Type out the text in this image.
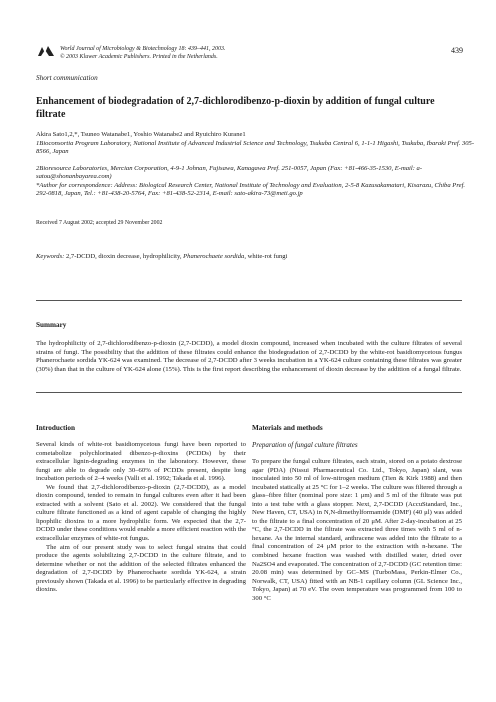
World Journal of Microbiology & Biotechnology 18: 439–441, 2003.
© 2003 Kluwer Academic Publishers. Printed in the Netherlands.
439
Short communication
Enhancement of biodegradation of 2,7-dichlorodibenzo-p-dioxin by addition of fungal culture filtrate
Akira Sato1,2,*, Tsuneo Watanabe1, Yoshio Watanabe2 and Ryuichiro Kurane1
1Bioconsortia Program Laboratory, National Institute of Advanced Industrial Science and Technology, Tsukuba Central 6, 1-1-1 Higashi, Tsukuba, Ibaraki Pref. 305-8566, Japan
2Bioresource Laboratories, Mercian Corporation, 4-9-1 Johnan, Fujisawa, Kanagawa Pref. 251-0057, Japan (Fax: +81-466-35-1530, E-mail: a-satou@shonanbayarea.com)
*Author for correspondence: Address: Biological Research Center, National Institute of Technology and Evaluation, 2-5-8 Kazusakamatari, Kisarazu, Chiba Pref. 292-0818, Japan, Tel.: +81-438-20-5764, Fax: +81-438-52-2314, E-mail: sato-akira-73@meti.go.jp
Received 7 August 2002; accepted 29 November 2002
Keywords: 2,7-DCDD, dioxin decrease, hydrophilicity, Phanerochaete sordida, white-rot fungi
Summary
The hydrophilicity of 2,7-dichlorodibenzo-p-dioxin (2,7-DCDD), a model dioxin compound, increased when incubated with the culture filtrates of several strains of fungi. The possibility that the addition of these filtrates could enhance the biodegradation of 2,7-DCDD by the white-rot basidiomycetous fungus Phanerochaete sordida YK-624 was examined. The decrease of 2,7-DCDD after 3 weeks incubation in a YK-624 culture containing these filtrates was greater (30%) than that in the culture of YK-624 alone (15%). This is the first report describing the enhancement of dioxin decrease by the addition of a fungal filtrate.
Introduction

Several kinds of white-rot basidiomycetous fungi have been reported to cometabolize polychlorinated dibenzo-p-dioxins (PCDDs) by their extracellular lignin-degrading enzymes in the laboratory. However, these fungi are able to degrade only 30–60% of PCDDs present, despite long incubation periods of 2–4 weeks (Valli et al. 1992; Takada et al. 1996).

We found that 2,7-dichlorodibenzo-p-dioxin (2,7-DCDD), as a model dioxin compound, tended to remain in fungal cultures even after it had been extracted with a solvent (Sato et al. 2002). We considered that the fungal culture filtrate functioned as a kind of agent capable of changing the highly lipophilic dioxins to a more hydrophilic form. We expected that the 2,7-DCDD under these conditions would enable a more efficient reaction with the extracellular enzymes of white-rot fungus.

The aim of our present study was to select fungal strains that could produce the agents solubilizing 2,7-DCDD in the culture filtrate, and to determine whether or not the addition of the selected filtrates enhanced the degradation of 2,7-DCDD by Phanerochaete sordida YK-624, a strain previously shown (Takada et al. 1996) to be particularly effective in degrading dioxins.

Materials and methods
Preparation of fungal culture filtrates

To prepare the fungal culture filtrates, each strain, stored on a potato dextrose agar (PDA) (Nissui Pharmaceutical Co. Ltd., Tokyo, Japan) slant, was inoculated into 50 ml of low-nitrogen medium (Tien & Kirk 1988) and then incubated statically at 25 °C for 1–2 weeks. The culture was filtered through a glass–fibre filter (nominal pore size: 1 μm) and 5 ml of the filtrate was put into a test tube with a glass stopper. Next, 2,7-DCDD (AccuStandard, Inc., New Haven, CT, USA) in N,N-dimethylformamide (DMF) (40 μl) was added to the filtrate to a final concentration of 20 μM. After 2-day-incubation at 25 °C, the 2,7-DCDD in the filtrate was extracted three times with 5 ml of n-hexane. As the internal standard, anthracene was added into the filtrate to a final concentration of 24 μM prior to the extraction with n-hexane. The combined hexane fraction was washed with distilled water, dried over Na2SO4 and evaporated. The concentration of 2,7-DCDD (GC retention time: 20.08 min) was determined by GC–MS (TurboMass, Perkin-Elmer Co., Norwalk, CT, USA) fitted with an NB-1 capillary column (GL Science Inc., Tokyo, Japan) at 70 eV. The oven temperature was programmed from 100 to 300 °C
